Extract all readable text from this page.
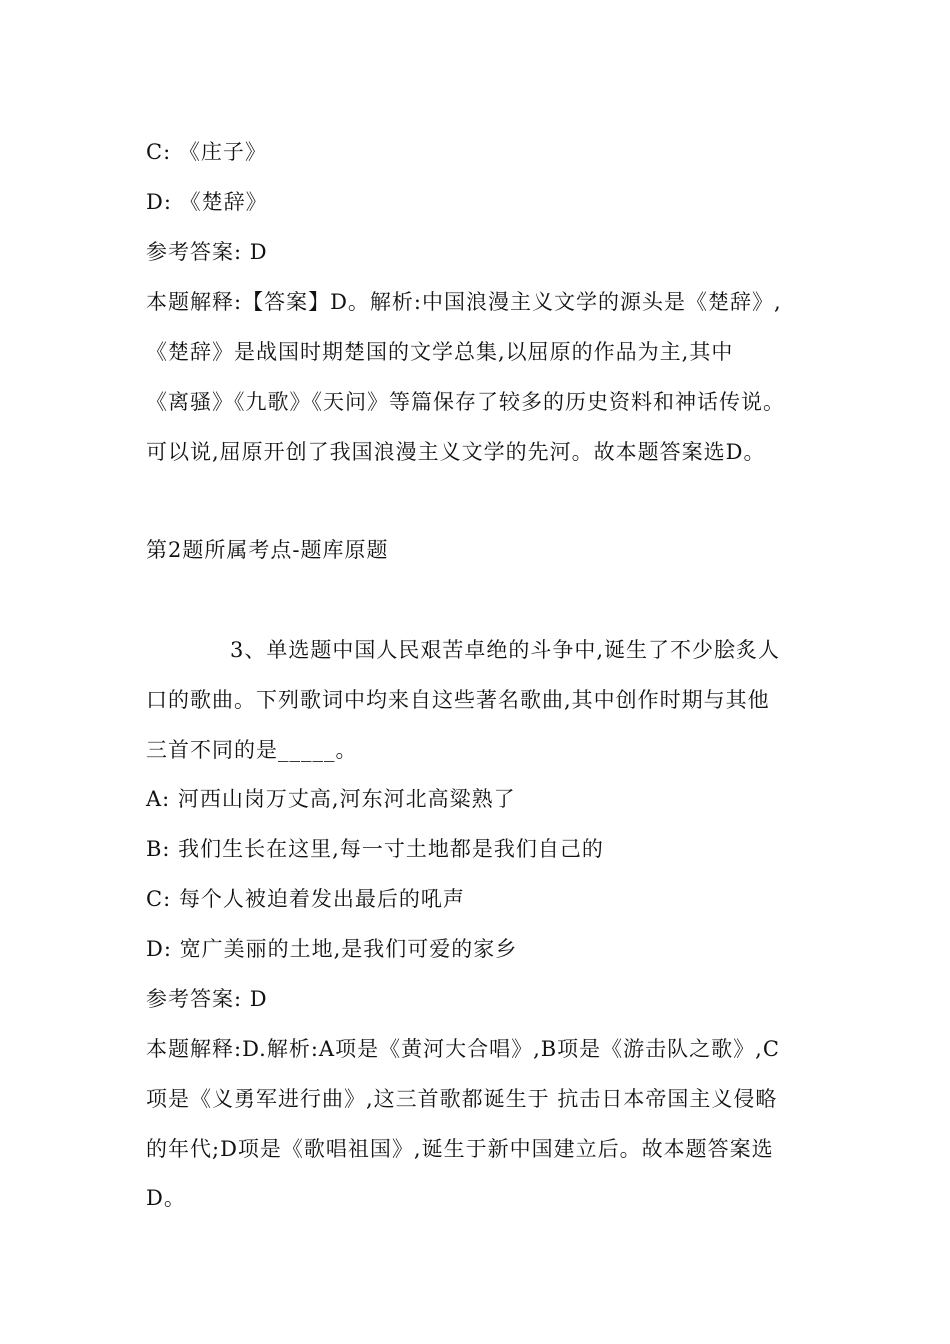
C: 《庄子》
D: 《楚辞》
参考答案: D
本题解释:【答案】D。解析:中国浪漫主义文学的源头是《楚辞》,
《楚辞》是战国时期楚国的文学总集,以屈原的作品为主,其中
《离骚》《九歌》《天问》等篇保存了较多的历史资料和神话传说。
可以说,屈原开创了我国浪漫主义文学的先河。故本题答案选D。
第2题所属考点-题库原题
3、单选题中国人民艰苦卓绝的斗争中,诞生了不少脍炙人
口的歌曲。下列歌词中均来自这些著名歌曲,其中创作时期与其他
三首不同的是_____。
A: 河西山岗万丈高,河东河北高粱熟了
B: 我们生长在这里,每一寸土地都是我们自己的
C: 每个人被迫着发出最后的吼声
D: 宽广美丽的土地,是我们可爱的家乡
参考答案: D
本题解释:D.解析:A项是《黄河大合唱》,B项是《游击队之歌》,C
项是《义勇军进行曲》,这三首歌都诞生于 抗击日本帝国主义侵略
的年代;D项是《歌唱祖国》,诞生于新中国建立后。故本题答案选
D。
